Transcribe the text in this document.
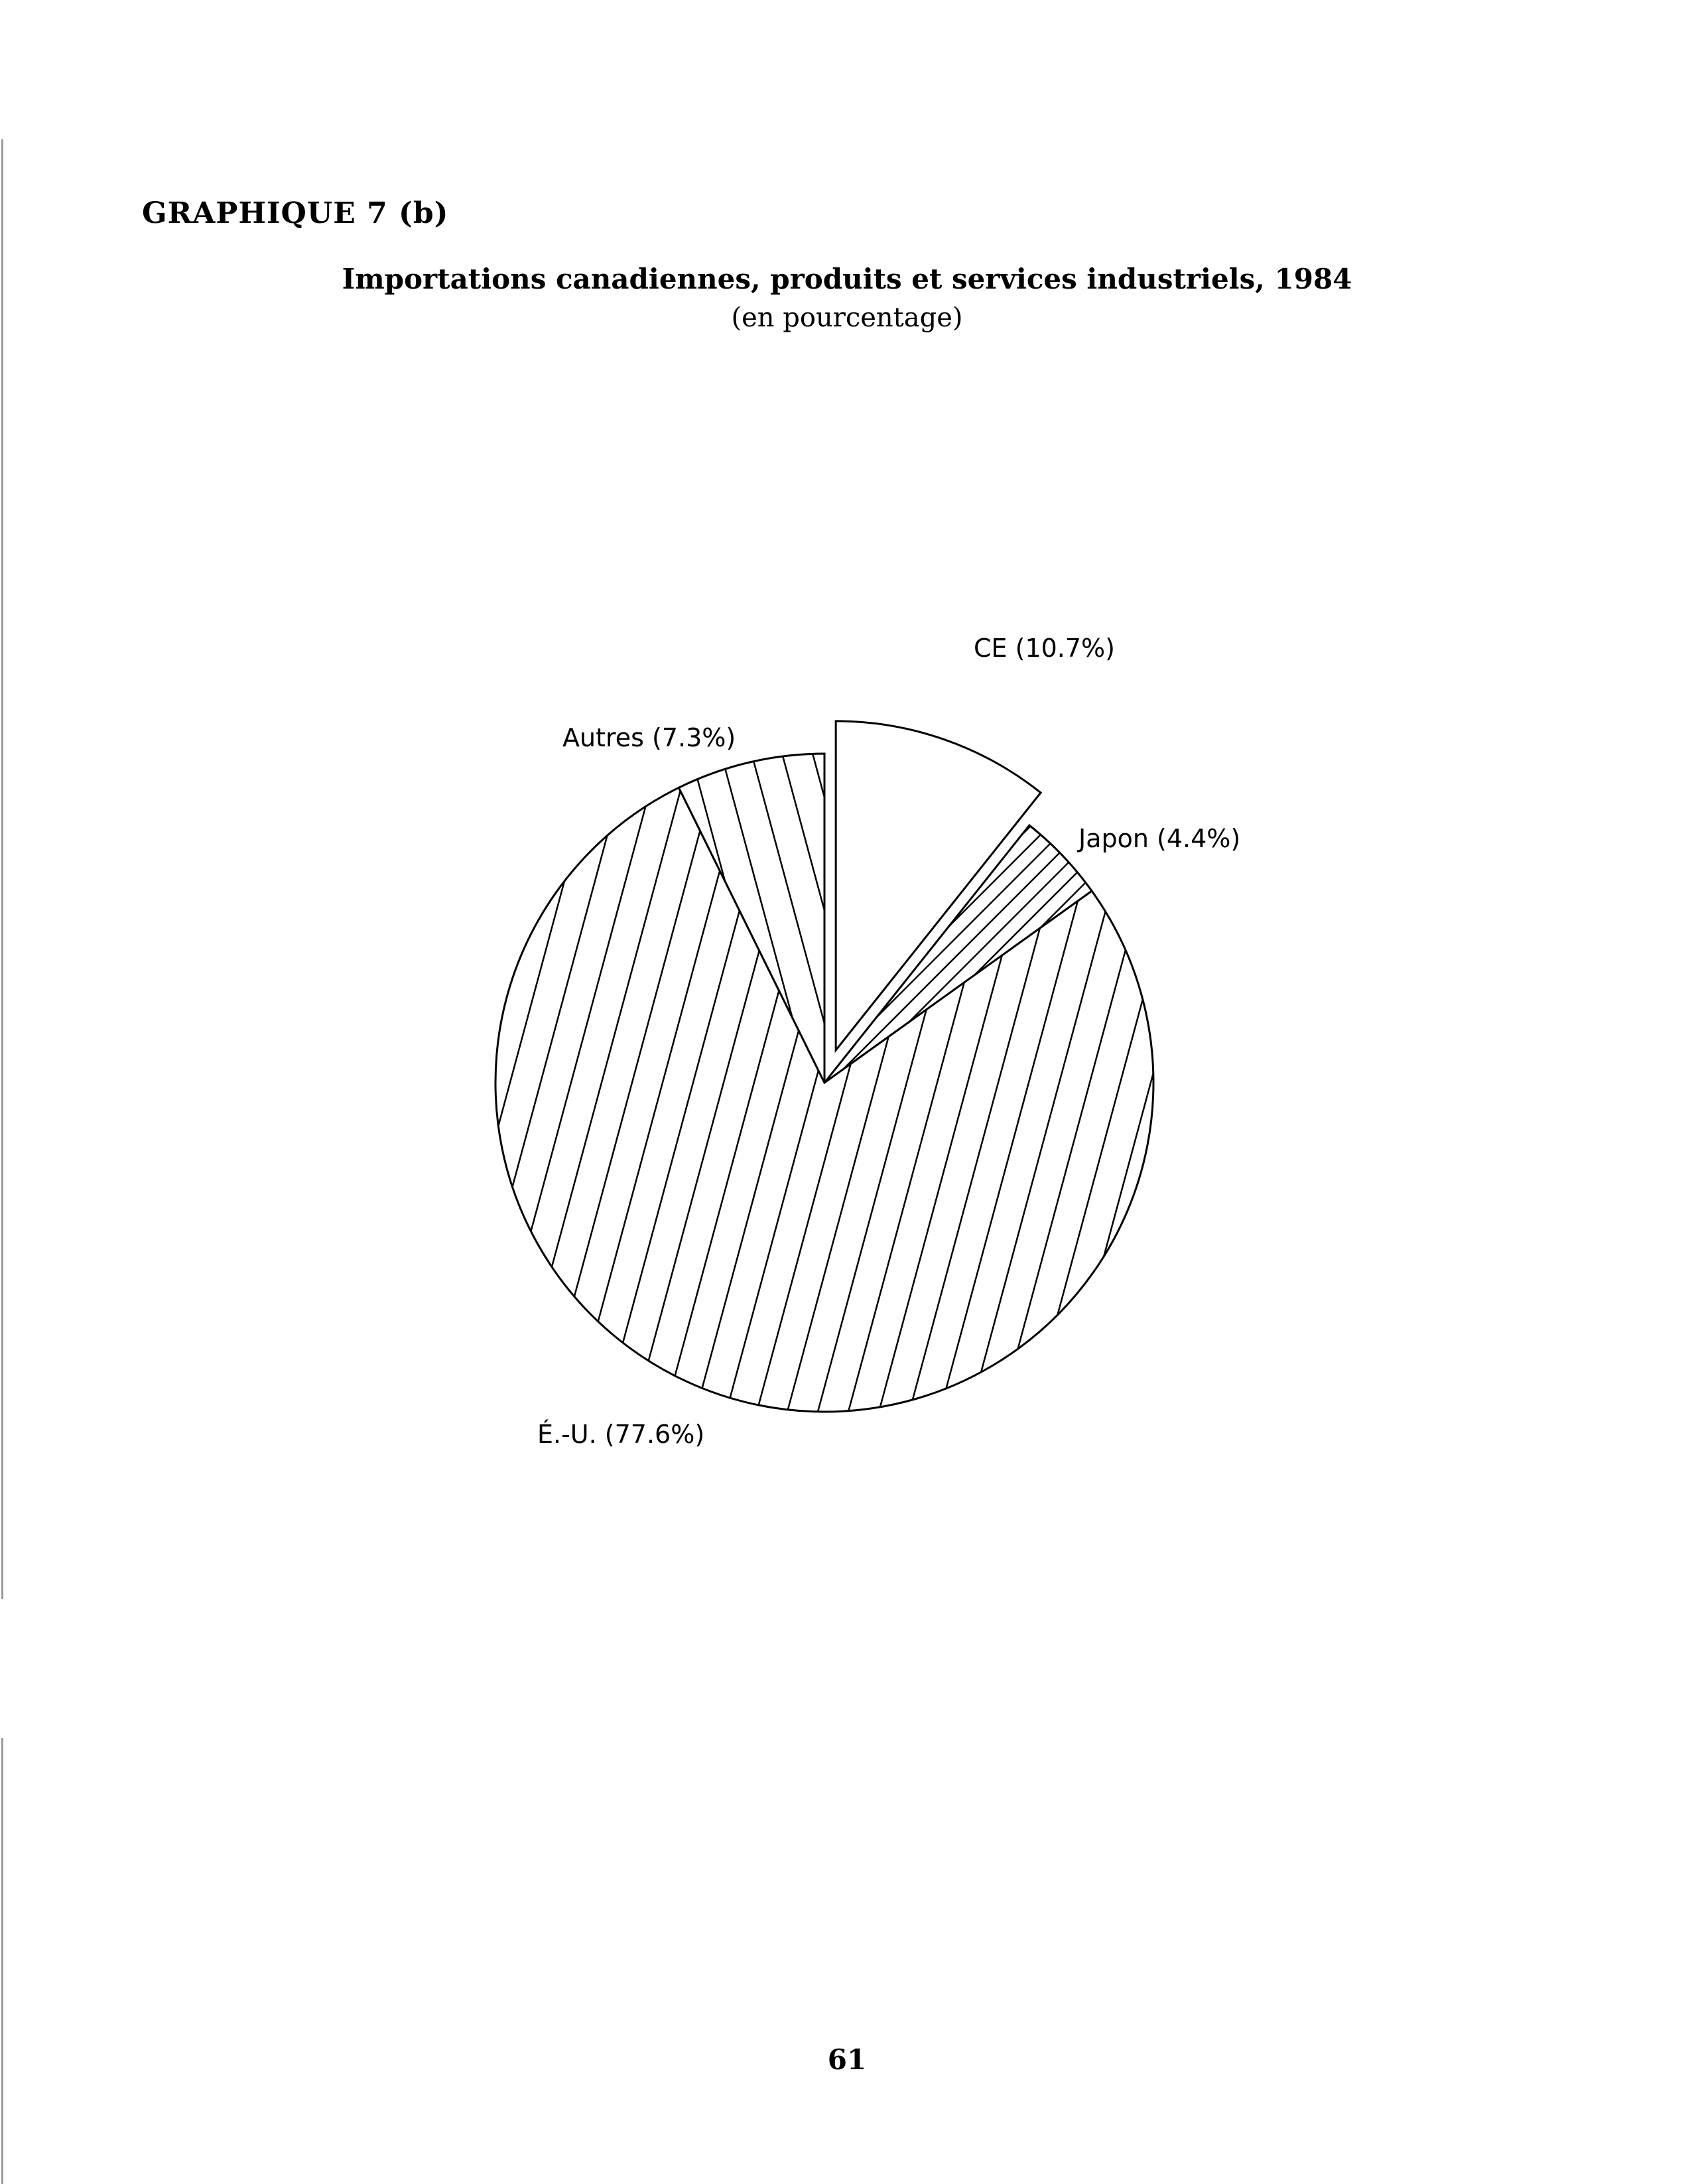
GRAPHIQUE 7 (b)
Importations canadiennes, produits et services industriels, 1984
(en pourcentage)
CE (10.7%)
Japon (4.4%)
É.-U. (77.6%)
Autres (7.3%)
61
